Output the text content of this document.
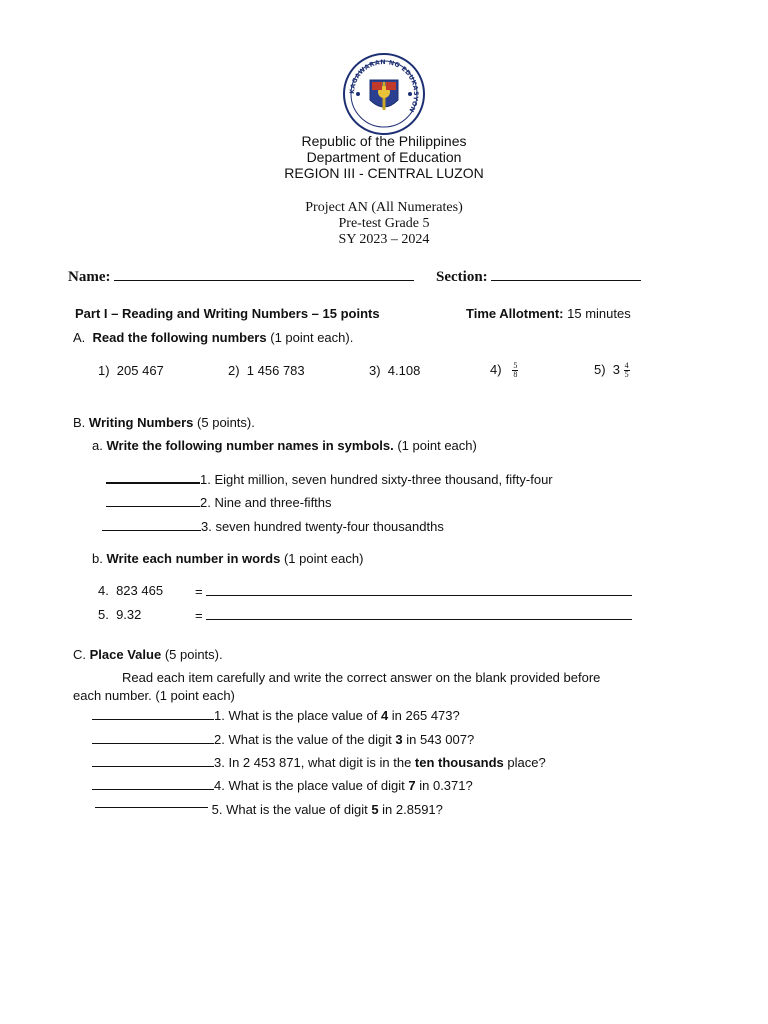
KAGAWARAN NG EDUKASYON
Republic of the Philippines
Department of Education
REGION III - CENTRAL LUZON
Project AN (All Numerates)
Pre-test Grade 5
SY 2023 – 2024
Name:	Section:
Part I – Reading and Writing Numbers – 15 points	Time Allotment: 15 minutes
A. Read the following numbers (1 point each).
1) 205 467	2) 1 456 783	3) 4.108	$4) \frac{5}{8}$	5) $3 \frac{4}{5}$
B. Writing Numbers (5 points).
a. Write the following number names in symbols. (1 point each)
1. Eight million, seven hundred sixty-three thousand, fifty-four
2. Nine and three-fifths
3. seven hundred twenty-four thousandths
b. Write each number in words (1 point each)
4. 823 465 =
5. 9.32	=
C. Place Value (5 points).
Read each item carefully and write the correct answer on the blank provided before
each number. (1 point each)
1. What is the place value of 4 in 265 473?
2. What is the value of the digit 3 in 543 007?
3. In 2 453 871, what digit is in the ten thousands place?
4. What is the place value of digit 7 in 0.371?
5. What is the value of digit 5 in 2.8591?
